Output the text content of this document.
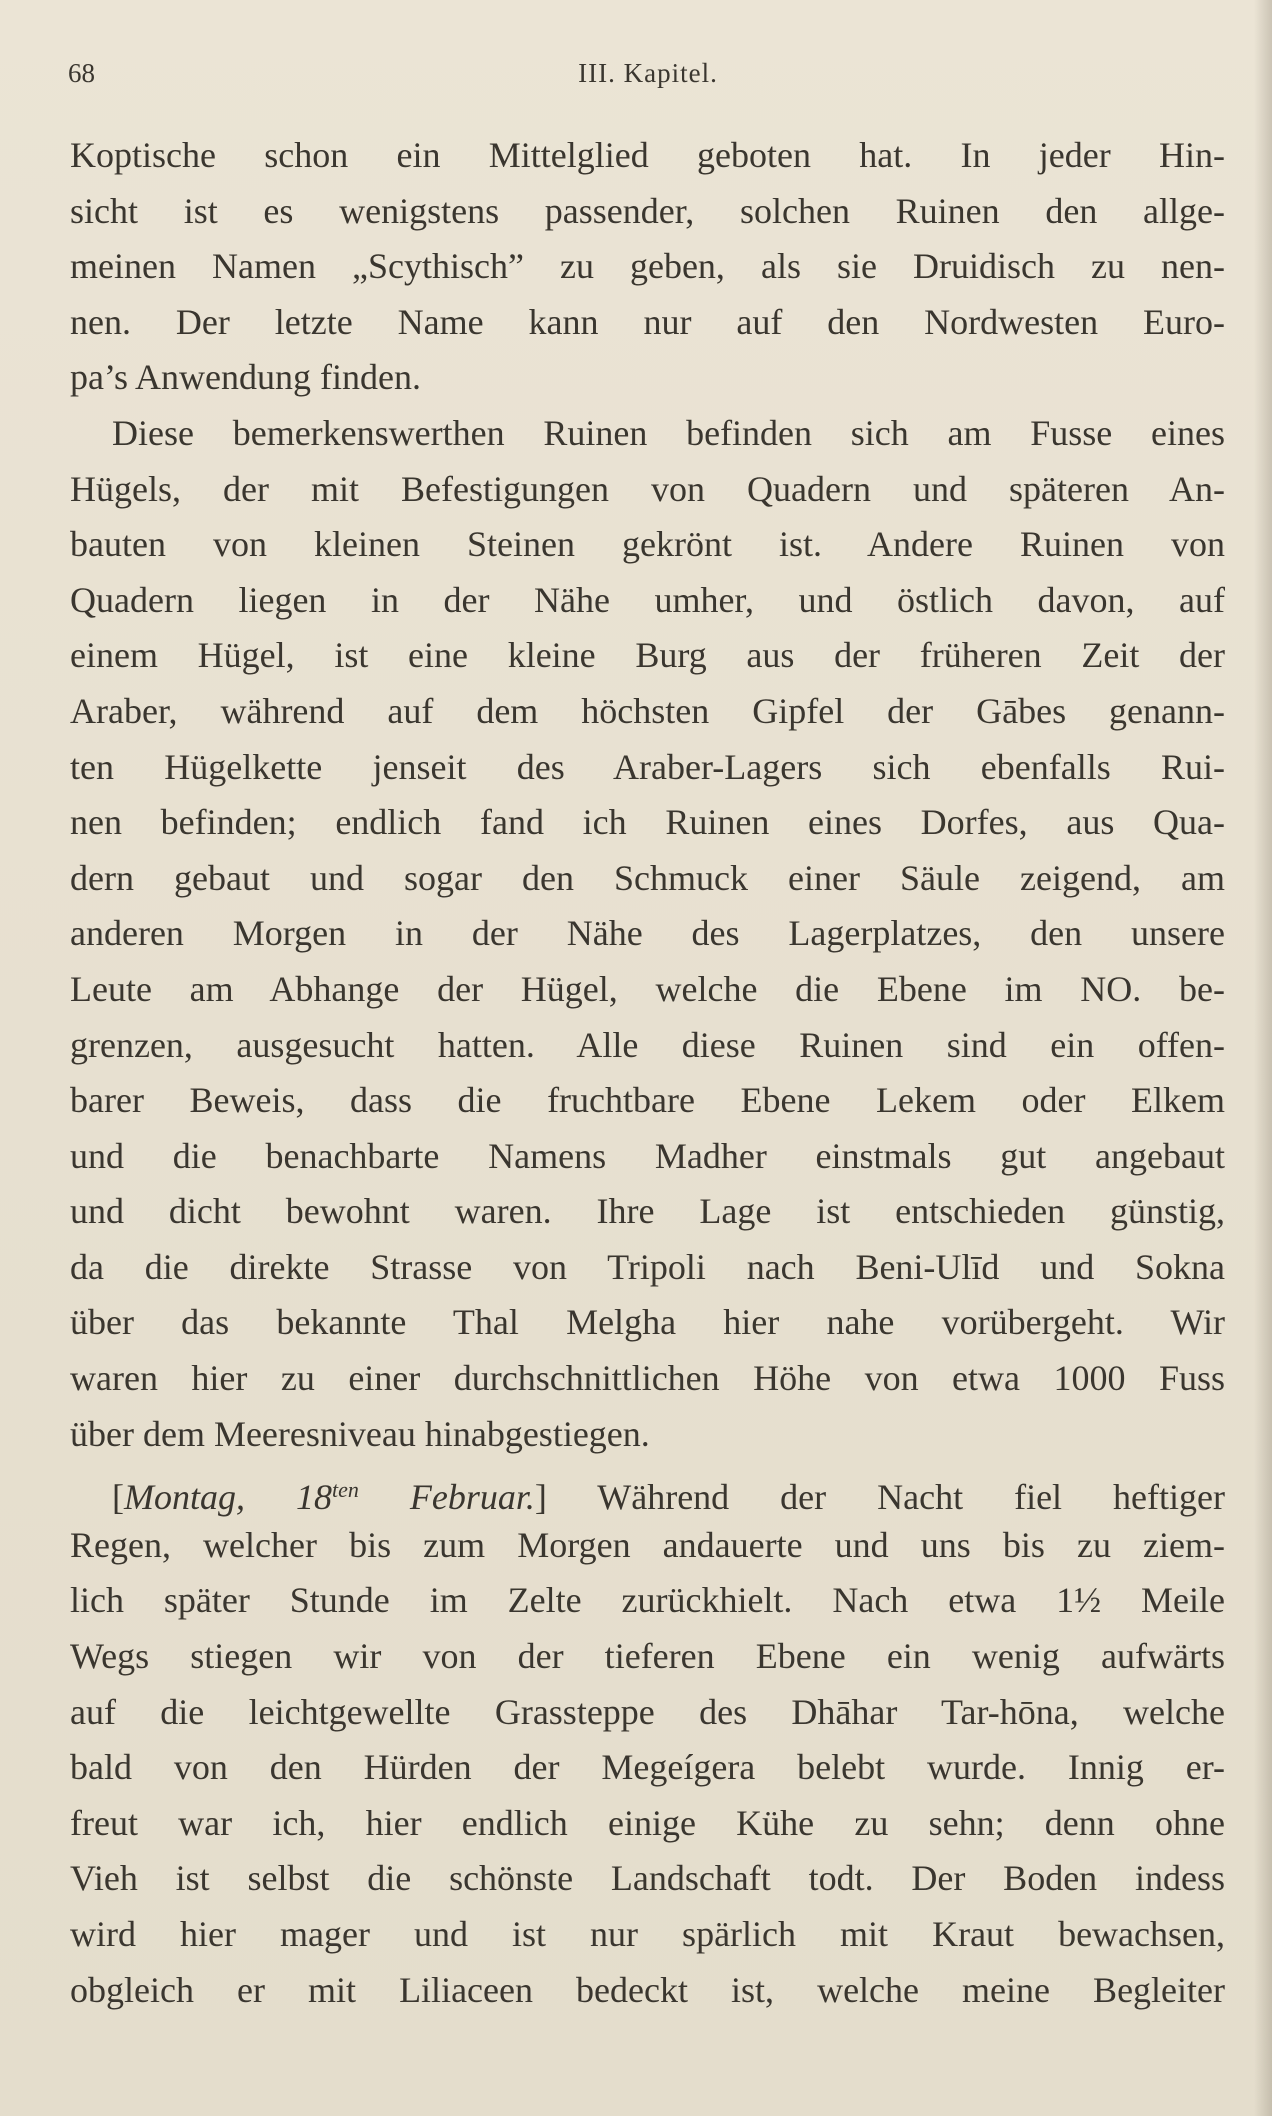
68	III. Kapitel.

Koptische schon ein Mittelglied geboten hat. In jeder Hin-
sicht ist es wenigstens passender, solchen Ruinen den allge-
meinen Namen „Scythisch” zu geben, als sie Druidisch zu nen-
nen. Der letzte Name kann nur auf den Nordwesten Euro-
pa’s Anwendung finden.

Diese bemerkenswerthen Ruinen befinden sich am Fusse eines
Hügels, der mit Befestigungen von Quadern und späteren An-
bauten von kleinen Steinen gekrönt ist. Andere Ruinen von
Quadern liegen in der Nähe umher, und östlich davon, auf
einem Hügel, ist eine kleine Burg aus der früheren Zeit der
Araber, während auf dem höchsten Gipfel der Gābes genann-
ten Hügelkette jenseit des Araber-Lagers sich ebenfalls Rui-
nen befinden; endlich fand ich Ruinen eines Dorfes, aus Qua-
dern gebaut und sogar den Schmuck einer Säule zeigend, am
anderen Morgen in der Nähe des Lagerplatzes, den unsere
Leute am Abhange der Hügel, welche die Ebene im NO. be-
grenzen, ausgesucht hatten. Alle diese Ruinen sind ein offen-
barer Beweis, dass die fruchtbare Ebene Lekem oder Elkem
und die benachbarte Namens Madher einstmals gut angebaut
und dicht bewohnt waren. Ihre Lage ist entschieden günstig,
da die direkte Strasse von Tripoli nach Beni-Ulīd und Sokna
über das bekannte Thal Melgha hier nahe vorübergeht. Wir
waren hier zu einer durchschnittlichen Höhe von etwa 1000 Fuss
über dem Meeresniveau hinabgestiegen.

[Montag, $18^{ten}$ Februar.] Während der Nacht fiel heftiger
Regen, welcher bis zum Morgen andauerte und uns bis zu ziem-
lich später Stunde im Zelte zurückhielt. Nach etwa 1½ Meile
Wegs stiegen wir von der tieferen Ebene ein wenig aufwärts
auf die leichtgewellte Grassteppe des Dhāhar Tar-hōna, welche
bald von den Hürden der Megeígera belebt wurde. Innig er-
freut war ich, hier endlich einige Kühe zu sehn; denn ohne
Vieh ist selbst die schönste Landschaft todt. Der Boden indess
wird hier mager und ist nur spärlich mit Kraut bewachsen,
obgleich er mit Liliaceen bedeckt ist, welche meine Begleiter
